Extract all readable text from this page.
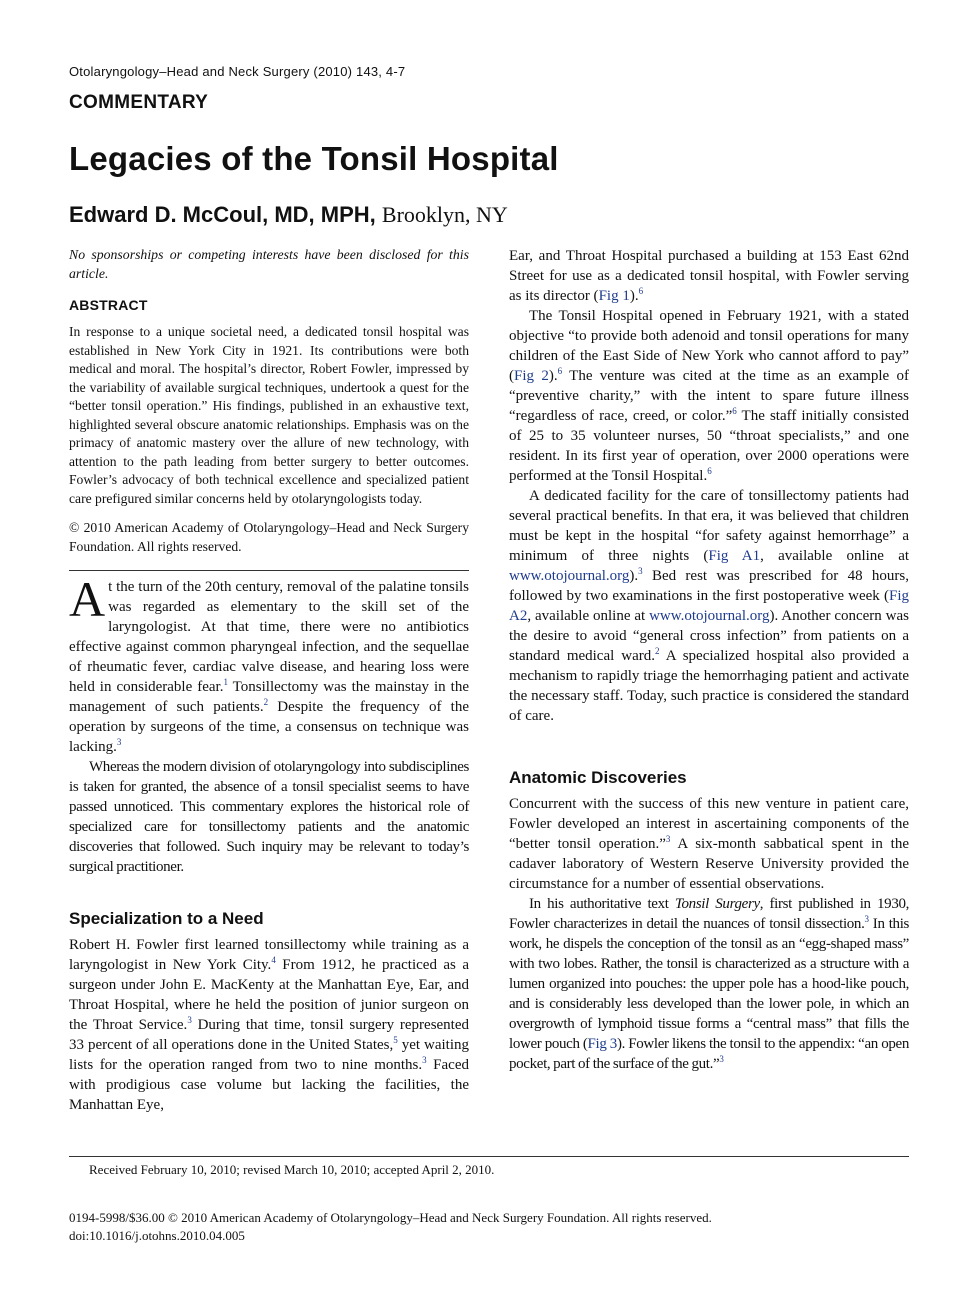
Otolaryngology–Head and Neck Surgery (2010) 143, 4-7
COMMENTARY
Legacies of the Tonsil Hospital
Edward D. McCoul, MD, MPH, Brooklyn, NY

No sponsorships or competing interests have been disclosed for this article.

ABSTRACT

In response to a unique societal need, a dedicated tonsil hospital was established in New York City in 1921. Its contributions were both medical and moral. The hospital’s director, Robert Fowler, impressed by the variability of available surgical techniques, undertook a quest for the “better tonsil operation.” His findings, published in an exhaustive text, highlighted several obscure anatomic relationships. Emphasis was on the primacy of anatomic mastery over the allure of new technology, with attention to the path leading from better surgery to better outcomes. Fowler’s advocacy of both technical excellence and specialized patient care prefigured similar concerns held by otolaryngologists today.

© 2010 American Academy of Otolaryngology–Head and Neck Surgery Foundation. All rights reserved.

At the turn of the 20th century, removal of the palatine tonsils was regarded as elementary to the skill set of the laryngologist. At that time, there were no antibiotics effective against common pharyngeal infection, and the sequellae of rheumatic fever, cardiac valve disease, and hearing loss were held in considerable fear.$^1$ Tonsillectomy was the mainstay in the management of such patients.$^2$ Despite the frequency of the operation by surgeons of the time, a consensus on technique was lacking.$^3$

Whereas the modern division of otolaryngology into subdisciplines is taken for granted, the absence of a tonsil specialist seems to have passed unnoticed. This commentary explores the historical role of specialized care for tonsillectomy patients and the anatomic discoveries that followed. Such inquiry may be relevant to today’s surgical practitioner.

Specialization to a Need

Robert H. Fowler first learned tonsillectomy while training as a laryngologist in New York City.$^4$ From 1912, he practiced as a surgeon under John E. MacKenty at the Manhattan Eye, Ear, and Throat Hospital, where he held the position of junior surgeon on the Throat Service.$^3$ During that time, tonsil surgery represented 33 percent of all operations done in the United States,$^5$ yet waiting lists for the operation ranged from two to nine months.$^3$ Faced with prodigious case volume but lacking the facilities, the Manhattan Eye,

Ear, and Throat Hospital purchased a building at 153 East 62nd Street for use as a dedicated tonsil hospital, with Fowler serving as its director (Fig 1).$^6$

The Tonsil Hospital opened in February 1921, with a stated objective “to provide both adenoid and tonsil operations for many children of the East Side of New York who cannot afford to pay” (Fig 2).$^6$ The venture was cited at the time as an example of “preventive charity,” with the intent to spare future illness “regardless of race, creed, or color.”$^6$ The staff initially consisted of 25 to 35 volunteer nurses, 50 “throat specialists,” and one resident. In its first year of operation, over 2000 operations were performed at the Tonsil Hospital.$^6$

A dedicated facility for the care of tonsillectomy patients had several practical benefits. In that era, it was believed that children must be kept in the hospital “for safety against hemorrhage” a minimum of three nights (Fig A1, available online at www.otojournal.org).$^3$ Bed rest was prescribed for 48 hours, followed by two examinations in the first postoperative week (Fig A2, available online at www.otojournal.org). Another concern was the desire to avoid “general cross infection” from patients on a standard medical ward.$^2$ A specialized hospital also provided a mechanism to rapidly triage the hemorrhaging patient and activate the necessary staff. Today, such practice is considered the standard of care.

Anatomic Discoveries

Concurrent with the success of this new venture in patient care, Fowler developed an interest in ascertaining components of the “better tonsil operation.”$^3$ A six-month sabbatical spent in the cadaver laboratory of Western Reserve University provided the circumstance for a number of essential observations.

In his authoritative text Tonsil Surgery, first published in 1930, Fowler characterizes in detail the nuances of tonsil dissection.$^3$ In this work, he dispels the conception of the tonsil as an “egg-shaped mass” with two lobes. Rather, the tonsil is characterized as a structure with a lumen organized into pouches: the upper pole has a hood-like pouch, and is considerably less developed than the lower pole, in which an overgrowth of lymphoid tissue forms a “central mass” that fills the lower pouch (Fig 3). Fowler likens the tonsil to the appendix: “an open pocket, part of the surface of the gut.”$^3$

Received February 10, 2010; revised March 10, 2010; accepted April 2, 2010.
0194-5998/$36.00 © 2010 American Academy of Otolaryngology–Head and Neck Surgery Foundation. All rights reserved.
doi:10.1016/j.otohns.2010.04.005
